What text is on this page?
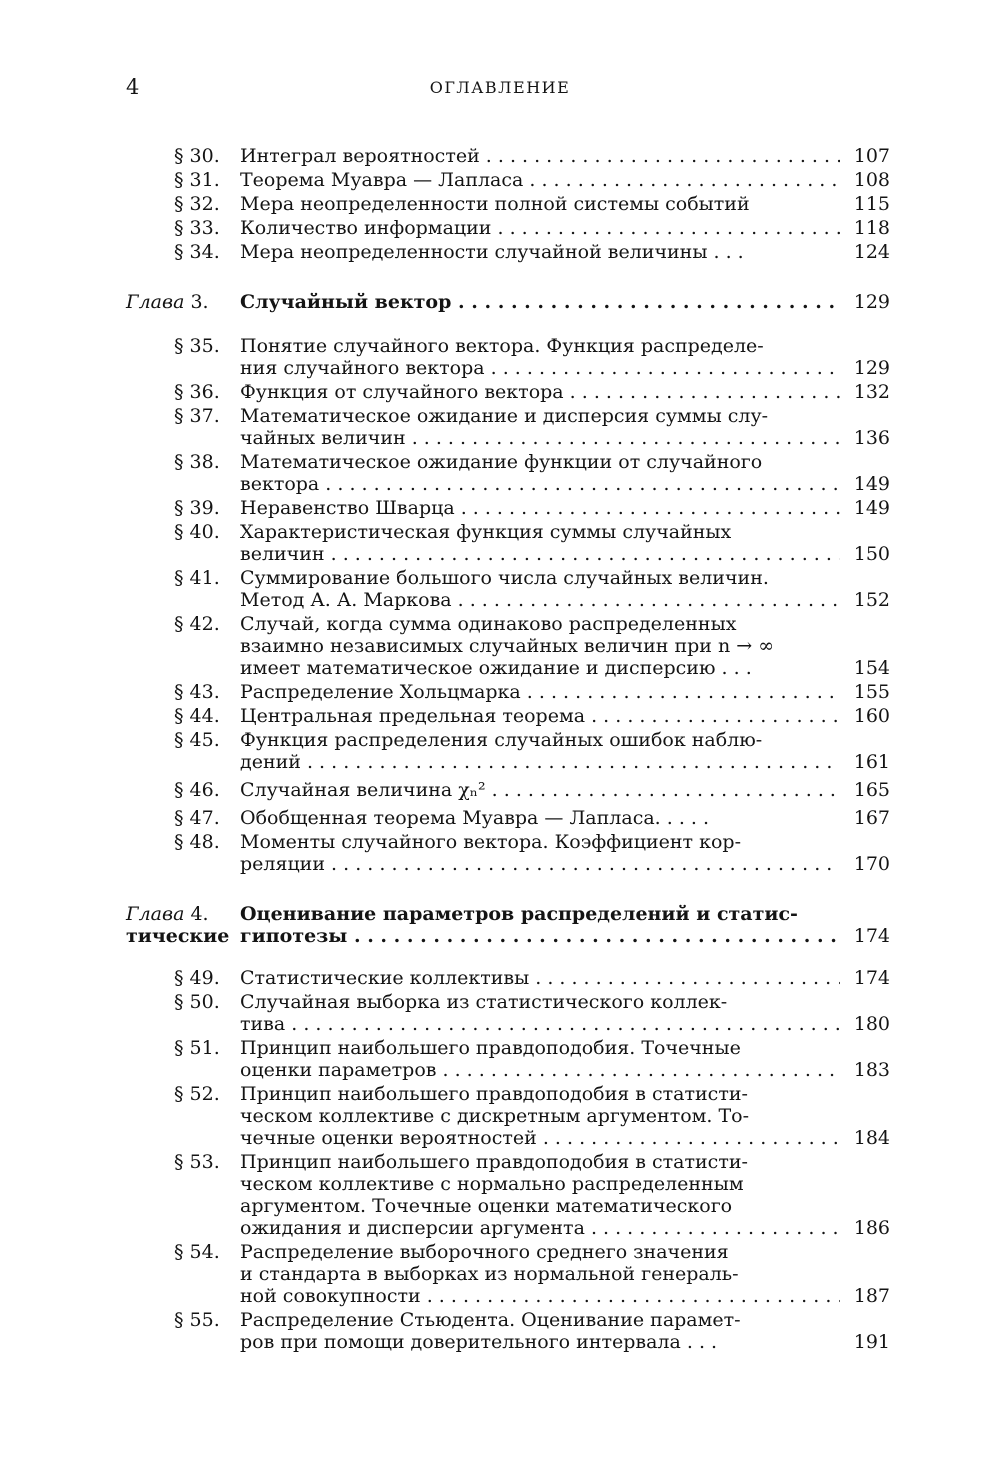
4	ОГЛАВЛЕНИЕ
§ 30.	Интеграл вероятностей . . .	107
§ 31.	Теорема Муавра — Лапласа . . .	108
§ 32.	Мера неопределенности полной системы событий	115
§ 33.	Количество информации . . .	118
§ 34.	Мера неопределенности случайной величины . . .	124
Глава 3.	Случайный вектор . . .	129
§ 35.	Понятие случайного вектора. Функция распределе-
ния случайного вектора . . .	129
§ 36.	Функция от случайного вектора . . .	132
§ 37.	Математическое ожидание и дисперсия суммы слу-
чайных величин . . .	136
§ 38.	Математическое ожидание функции от случайного
вектора . . .	149
§ 39.	Неравенство Шварца . . .	149
§ 40.	Характеристическая функция суммы случайных
величин . . .	150
§ 41.	Суммирование большого числа случайных величин.
Метод А. А. Маркова . . .	152
§ 42.	Случай, когда сумма одинаково распределенных
взаимно независимых случайных величин при n → ∞
имеет математическое ожидание и дисперсию . . .	154
§ 43.	Распределение Хольцмарка . . .	155
§ 44.	Центральная предельная теорема . . .	160
§ 45.	Функция распределения случайных ошибок наблю-
дений . . .	161
§ 46.	Случайная величина χₙ² . . .	165
§ 47.	Обобщенная теорема Муавра — Лапласа. . . . .	167
§ 48.	Моменты случайного вектора. Коэффициент кор-
реляции . . .	170
Глава 4.	Оценивание параметров распределений и статис-
тические гипотезы . . .	174
§ 49.	Статистические коллективы . . .	174
§ 50.	Случайная выборка из статистического коллек-
тива . . .	180
§ 51.	Принцип наибольшего правдоподобия. Точечные
оценки параметров . . .	183
§ 52.	Принцип наибольшего правдоподобия в статисти-
ческом коллективе с дискретным аргументом. То-
чечные оценки вероятностей . . .	184
§ 53.	Принцип наибольшего правдоподобия в статисти-
ческом коллективе с нормально распределенным
аргументом. Точечные оценки математического
ожидания и дисперсии аргумента . . .	186
§ 54.	Распределение выборочного среднего значения
и стандарта в выборках из нормальной генераль-
ной совокупности . . .	187
§ 55.	Распределение Стьюдента. Оценивание парамет-
ров при помощи доверительного интервала . . .	191
